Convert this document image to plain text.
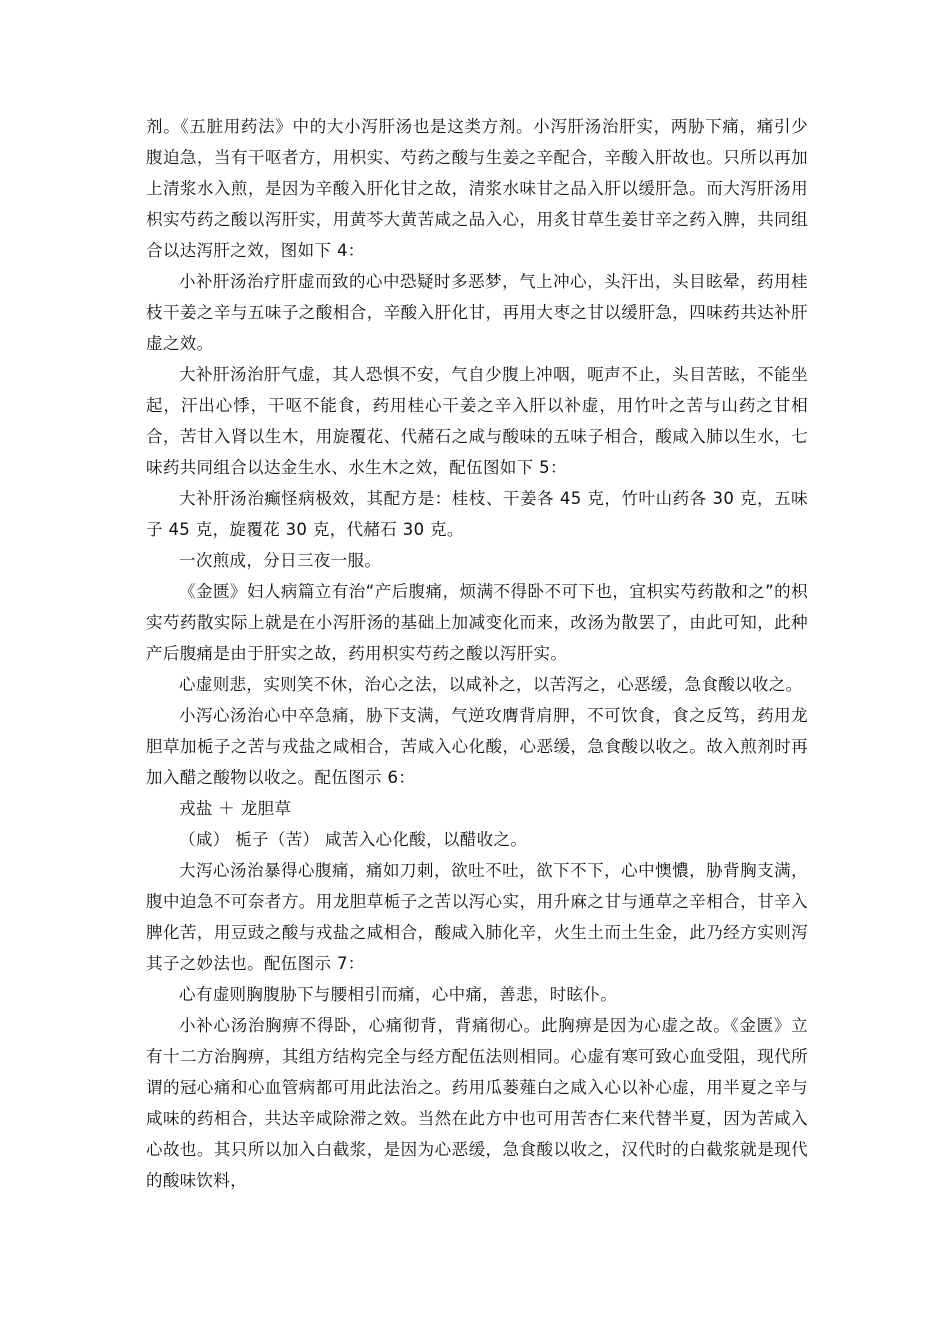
剂。《五脏用药法》中的大小泻肝汤也是这类方剂。小泻肝汤治肝实，两胁下痛，痛引少腹迫急，当有干呕者方，用枳实、芍药之酸与生姜之辛配合，辛酸入肝故也。只所以再加上清浆水入煎，是因为辛酸入肝化甘之故，清浆水味甘之品入肝以缓肝急。而大泻肝汤用枳实芍药之酸以泻肝实，用黄芩大黄苦咸之品入心，用炙甘草生姜甘辛之药入脾，共同组合以达泻肝之效，图如下 4：

小补肝汤治疗肝虚而致的心中恐疑时多恶梦，气上冲心，头汗出，头目眩晕，药用桂枝干姜之辛与五味子之酸相合，辛酸入肝化甘，再用大枣之甘以缓肝急，四味药共达补肝虚之效。

大补肝汤治肝气虚，其人恐惧不安，气自少腹上冲咽，呃声不止，头目苦眩，不能坐起，汗出心悸，干呕不能食，药用桂心干姜之辛入肝以补虚，用竹叶之苦与山药之甘相合，苦甘入肾以生木，用旋覆花、代赭石之咸与酸味的五味子相合，酸咸入肺以生水，七味药共同组合以达金生水、水生木之效，配伍图如下 5：

大补肝汤治癫怪病极效，其配方是：桂枝、干姜各 45 克，竹叶山药各 30 克，五味子 45 克，旋覆花 30 克，代赭石 30 克。

一次煎成，分日三夜一服。

《金匮》妇人病篇立有治“产后腹痛，烦满不得卧不可下也，宜枳实芍药散和之”的枳实芍药散实际上就是在小泻肝汤的基础上加减变化而来，改汤为散罢了，由此可知，此种产后腹痛是由于肝实之故，药用枳实芍药之酸以泻肝实。

心虚则悲，实则笑不休，治心之法，以咸补之，以苦泻之，心恶缓，急食酸以收之。

小泻心汤治心中卒急痛，胁下支满，气逆攻膺背肩胛，不可饮食，食之反笃，药用龙胆草加栀子之苦与戎盐之咸相合，苦咸入心化酸，心恶缓，急食酸以收之。故入煎剂时再加入醋之酸物以收之。配伍图示 6：

戎盐 ＋ 龙胆草

（咸） 栀子（苦） 咸苦入心化酸，以醋收之。

大泻心汤治暴得心腹痛，痛如刀刺，欲吐不吐，欲下不下，心中懊憹，胁背胸支满，腹中迫急不可奈者方。用龙胆草栀子之苦以泻心实，用升麻之甘与通草之辛相合，甘辛入脾化苦，用豆豉之酸与戎盐之咸相合，酸咸入肺化辛，火生土而土生金，此乃经方实则泻其子之妙法也。配伍图示 7：

心有虚则胸腹胁下与腰相引而痛，心中痛，善悲，时眩仆。

小补心汤治胸痹不得卧，心痛彻背，背痛彻心。此胸痹是因为心虚之故。《金匮》立有十二方治胸痹，其组方结构完全与经方配伍法则相同。心虚有寒可致心血受阻，现代所谓的冠心痛和心血管病都可用此法治之。药用瓜蒌薤白之咸入心以补心虚，用半夏之辛与咸味的药相合，共达辛咸除滞之效。当然在此方中也可用苦杏仁来代替半夏，因为苦咸入心故也。其只所以加入白截浆，是因为心恶缓，急食酸以收之，汉代时的白截浆就是现代的酸味饮料，
